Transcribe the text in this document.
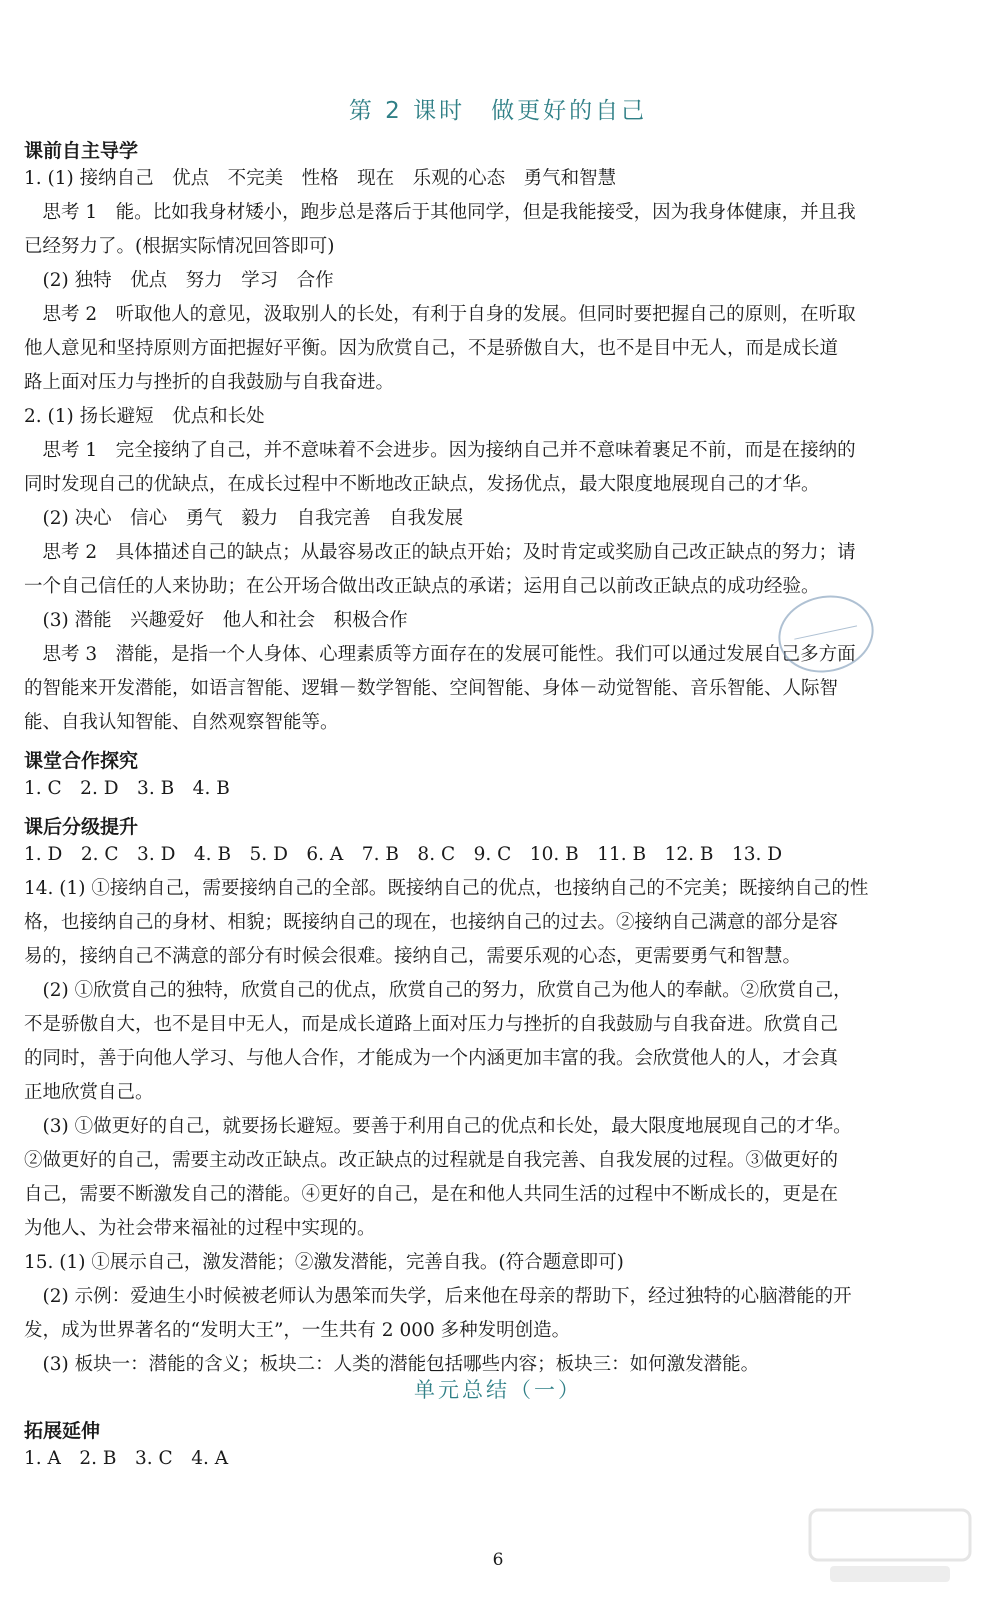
第 2 课时 做更好的自己
课前自主导学
1. (1) 接纳自己　优点　不完美　性格　现在　乐观的心态　勇气和智慧
　思考 1　能。比如我身材矮小，跑步总是落后于其他同学，但是我能接受，因为我身体健康，并且我
已经努力了。(根据实际情况回答即可)
　(2) 独特　优点　努力　学习　合作
　思考 2　听取他人的意见，汲取别人的长处，有利于自身的发展。但同时要把握自己的原则，在听取
他人意见和坚持原则方面把握好平衡。因为欣赏自己，不是骄傲自大，也不是目中无人，而是成长道
路上面对压力与挫折的自我鼓励与自我奋进。
2. (1) 扬长避短　优点和长处
　思考 1　完全接纳了自己，并不意味着不会进步。因为接纳自己并不意味着裹足不前，而是在接纳的
同时发现自己的优缺点，在成长过程中不断地改正缺点，发扬优点，最大限度地展现自己的才华。
　(2) 决心　信心　勇气　毅力　自我完善　自我发展
　思考 2　具体描述自己的缺点；从最容易改正的缺点开始；及时肯定或奖励自己改正缺点的努力；请
一个自己信任的人来协助；在公开场合做出改正缺点的承诺；运用自己以前改正缺点的成功经验。
　(3) 潜能　兴趣爱好　他人和社会　积极合作
　思考 3　潜能，是指一个人身体、心理素质等方面存在的发展可能性。我们可以通过发展自己多方面
的智能来开发潜能，如语言智能、逻辑－数学智能、空间智能、身体－动觉智能、音乐智能、人际智
能、自我认知智能、自然观察智能等。
课堂合作探究
1. C　2. D　3. B　4. B
课后分级提升
1. D　2. C　3. D　4. B　5. D　6. A　7. B　8. C　9. C　10. B　11. B　12. B　13. D
14. (1) ①接纳自己，需要接纳自己的全部。既接纳自己的优点，也接纳自己的不完美；既接纳自己的性
格，也接纳自己的身材、相貌；既接纳自己的现在，也接纳自己的过去。②接纳自己满意的部分是容
易的，接纳自己不满意的部分有时候会很难。接纳自己，需要乐观的心态，更需要勇气和智慧。
　(2) ①欣赏自己的独特，欣赏自己的优点，欣赏自己的努力，欣赏自己为他人的奉献。②欣赏自己，
不是骄傲自大，也不是目中无人，而是成长道路上面对压力与挫折的自我鼓励与自我奋进。欣赏自己
的同时，善于向他人学习、与他人合作，才能成为一个内涵更加丰富的我。会欣赏他人的人，才会真
正地欣赏自己。
　(3) ①做更好的自己，就要扬长避短。要善于利用自己的优点和长处，最大限度地展现自己的才华。
②做更好的自己，需要主动改正缺点。改正缺点的过程就是自我完善、自我发展的过程。③做更好的
自己，需要不断激发自己的潜能。④更好的自己，是在和他人共同生活的过程中不断成长的，更是在
为他人、为社会带来福祉的过程中实现的。
15. (1) ①展示自己，激发潜能；②激发潜能，完善自我。(符合题意即可)
　(2) 示例：爱迪生小时候被老师认为愚笨而失学，后来他在母亲的帮助下，经过独特的心脑潜能的开
发，成为世界著名的“发明大王”，一生共有 2 000 多种发明创造。
　(3) 板块一：潜能的含义；板块二：人类的潜能包括哪些内容；板块三：如何激发潜能。
单元总结（一）
拓展延伸
1. A　2. B　3. C　4. A
6
